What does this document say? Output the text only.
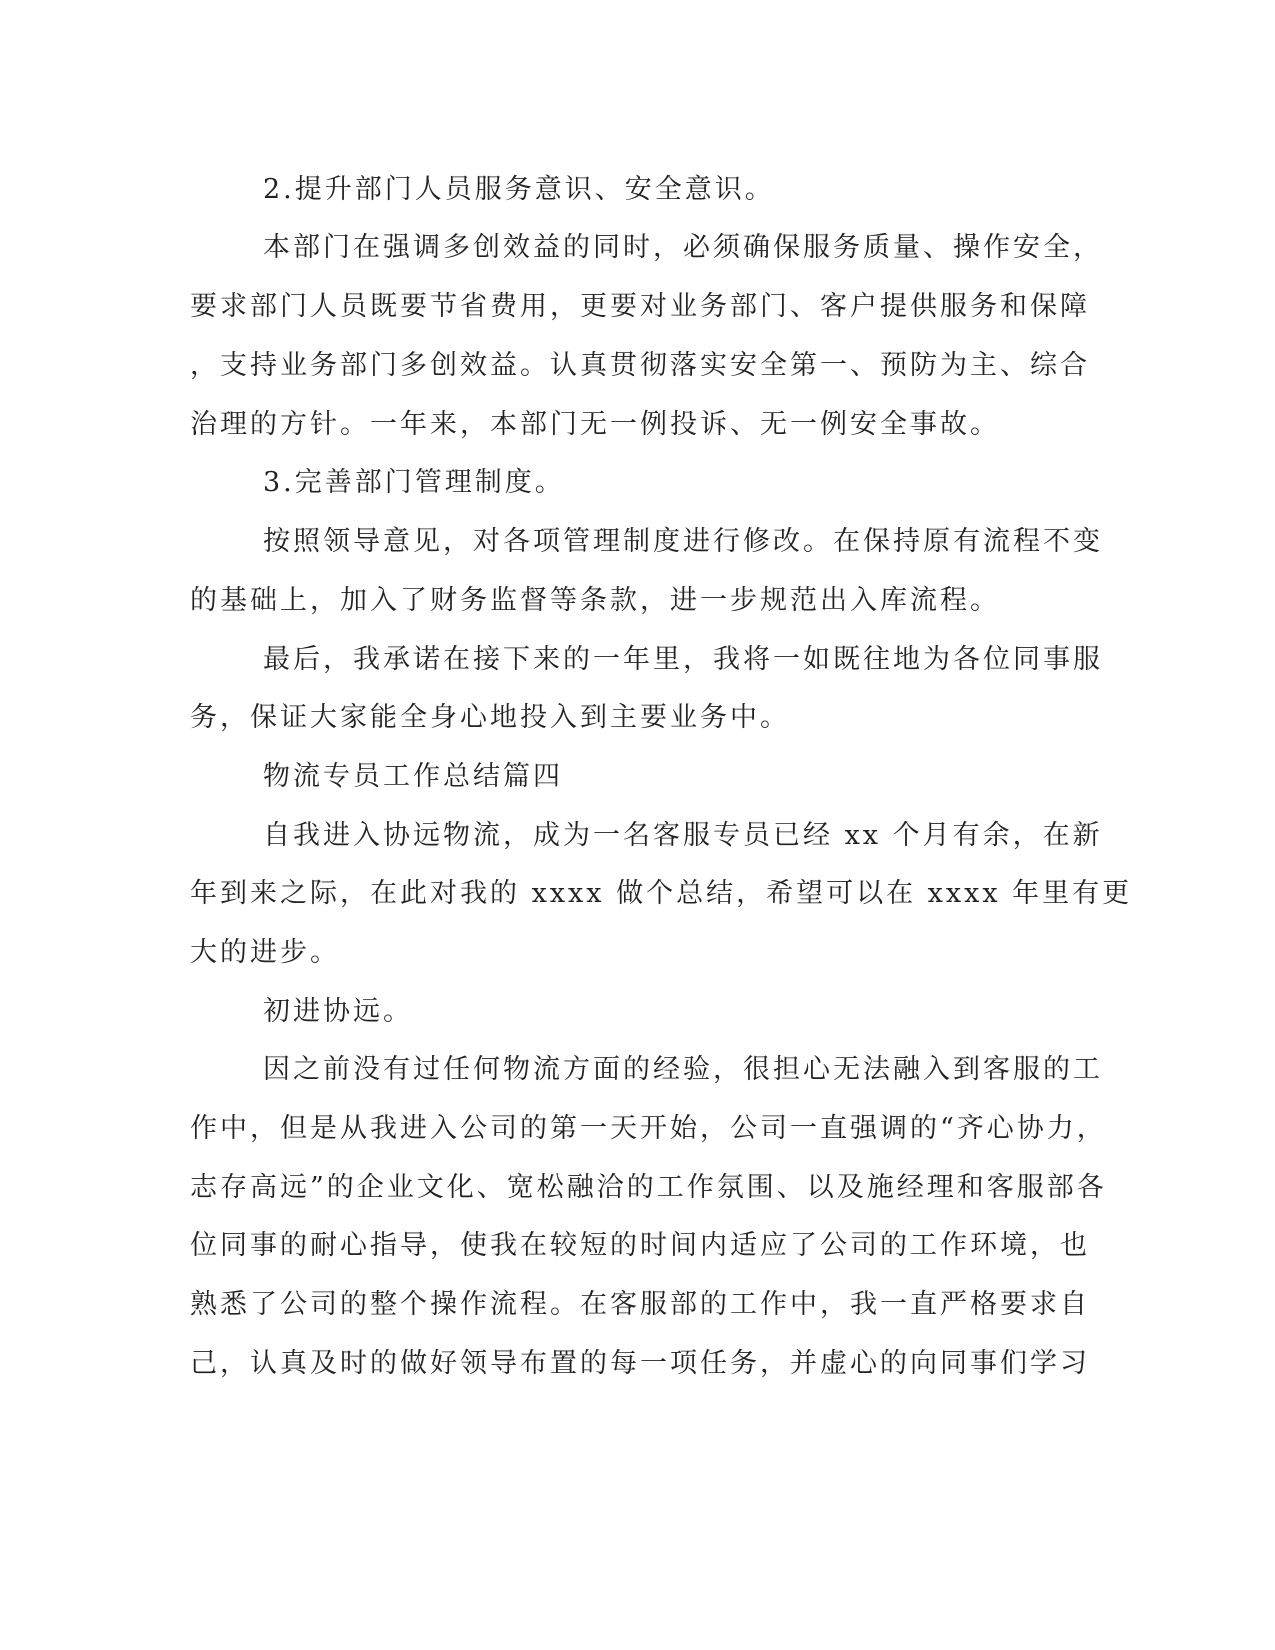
2.提升部门人员服务意识、安全意识。
本部门在强调多创效益的同时，必须确保服务质量、操作安全，
要求部门人员既要节省费用，更要对业务部门、客户提供服务和保障
，支持业务部门多创效益。认真贯彻落实安全第一、预防为主、综合
治理的方针。一年来，本部门无一例投诉、无一例安全事故。
3.完善部门管理制度。
按照领导意见，对各项管理制度进行修改。在保持原有流程不变
的基础上，加入了财务监督等条款，进一步规范出入库流程。
最后，我承诺在接下来的一年里，我将一如既往地为各位同事服
务，保证大家能全身心地投入到主要业务中。
物流专员工作总结篇四
自我进入协远物流，成为一名客服专员已经 xx 个月有余，在新
年到来之际，在此对我的 xxxx 做个总结，希望可以在 xxxx 年里有更
大的进步。
初进协远。
因之前没有过任何物流方面的经验，很担心无法融入到客服的工
作中，但是从我进入公司的第一天开始，公司一直强调的“齐心协力，
志存高远”的企业文化、宽松融洽的工作氛围、以及施经理和客服部各
位同事的耐心指导，使我在较短的时间内适应了公司的工作环境，也
熟悉了公司的整个操作流程。在客服部的工作中，我一直严格要求自
己，认真及时的做好领导布置的每一项任务，并虚心的向同事们学习
